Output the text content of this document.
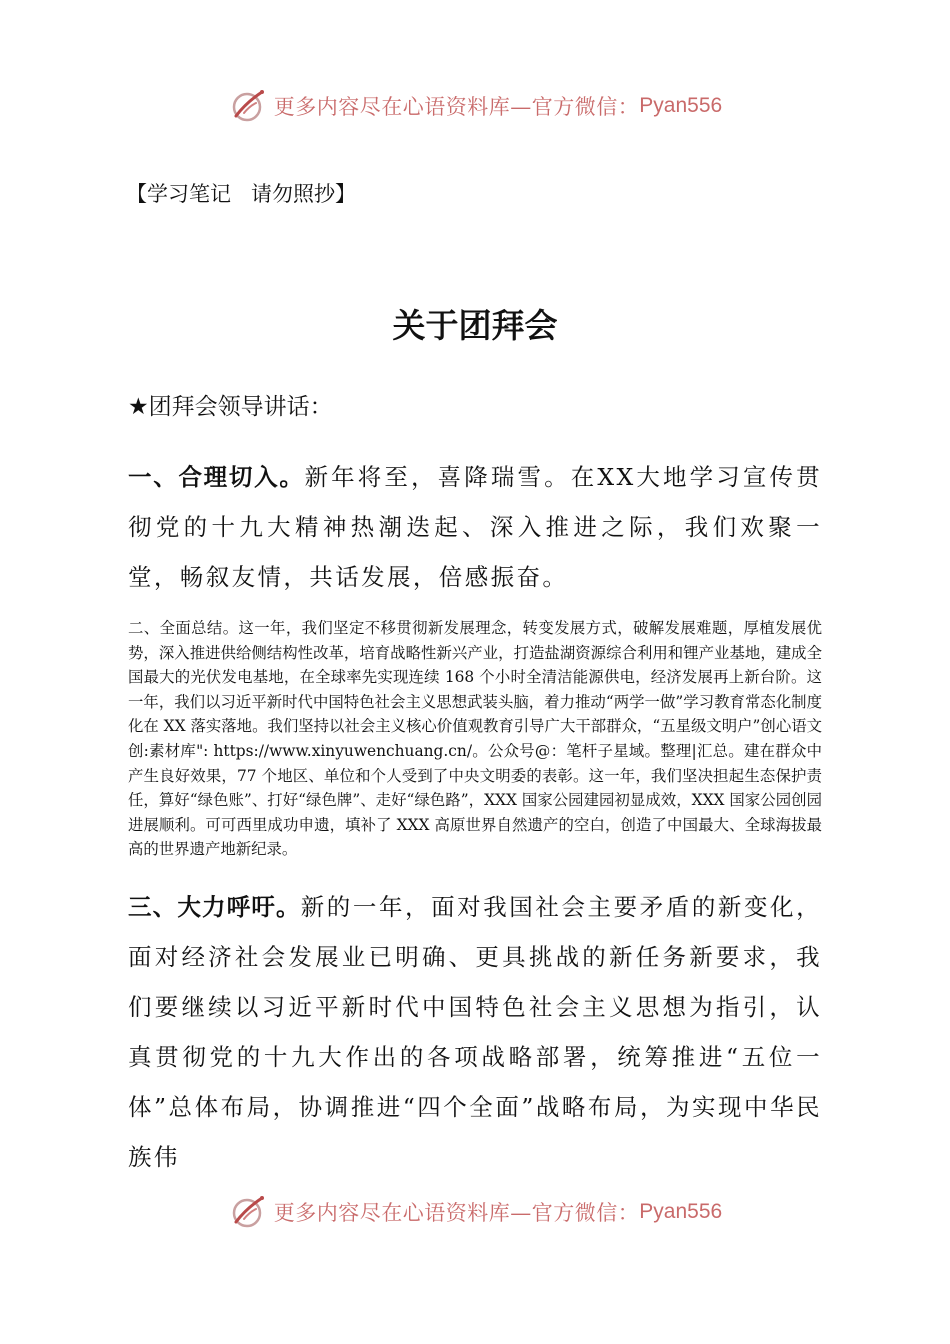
更多内容尽在心语资料库—官方微信： Pyan556
【学习笔记   请勿照抄】
关于团拜会
★团拜会领导讲话：
一、合理切入。新年将至，喜降瑞雪。在XX大地学习宣传贯彻党的十九大精神热潮迭起、深入推进之际，我们欢聚一堂，畅叙友情，共话发展，倍感振奋。
二、全面总结。这一年，我们坚定不移贯彻新发展理念，转变发展方式，破解发展难题，厚植发展优势，深入推进供给侧结构性改革，培育战略性新兴产业，打造盐湖资源综合利用和锂产业基地，建成全国最大的光伏发电基地，在全球率先实现连续 168 个小时全清洁能源供电，经济发展再上新台阶。这一年，我们以习近平新时代中国特色社会主义思想武装头脑，着力推动“两学一做”学习教育常态化制度化在 XX 落实落地。我们坚持以社会主义核心价值观教育引导广大干部群众，“五星级文明户”创心语文创:素材库": https://www.xinyuwenchuang.cn/。公众号@：笔杆子星域。整理|汇总。建在群众中产生良好效果，77 个地区、单位和个人受到了中央文明委的表彰。这一年，我们坚决担起生态保护责任，算好“绿色账”、打好“绿色牌”、走好“绿色路”，XXX 国家公园建园初显成效，XXX 国家公园创园进展顺利。可可西里成功申遗，填补了 XXX 高原世界自然遗产的空白，创造了中国最大、全球海拔最高的世界遗产地新纪录。
三、大力呼吁。新的一年，面对我国社会主要矛盾的新变化，面对经济社会发展业已明确、更具挑战的新任务新要求，我们要继续以习近平新时代中国特色社会主义思想为指引，认真贯彻党的十九大作出的各项战略部署，统筹推进“五位一体”总体布局，协调推进“四个全面”战略布局，为实现中华民族伟
更多内容尽在心语资料库—官方微信： Pyan556
